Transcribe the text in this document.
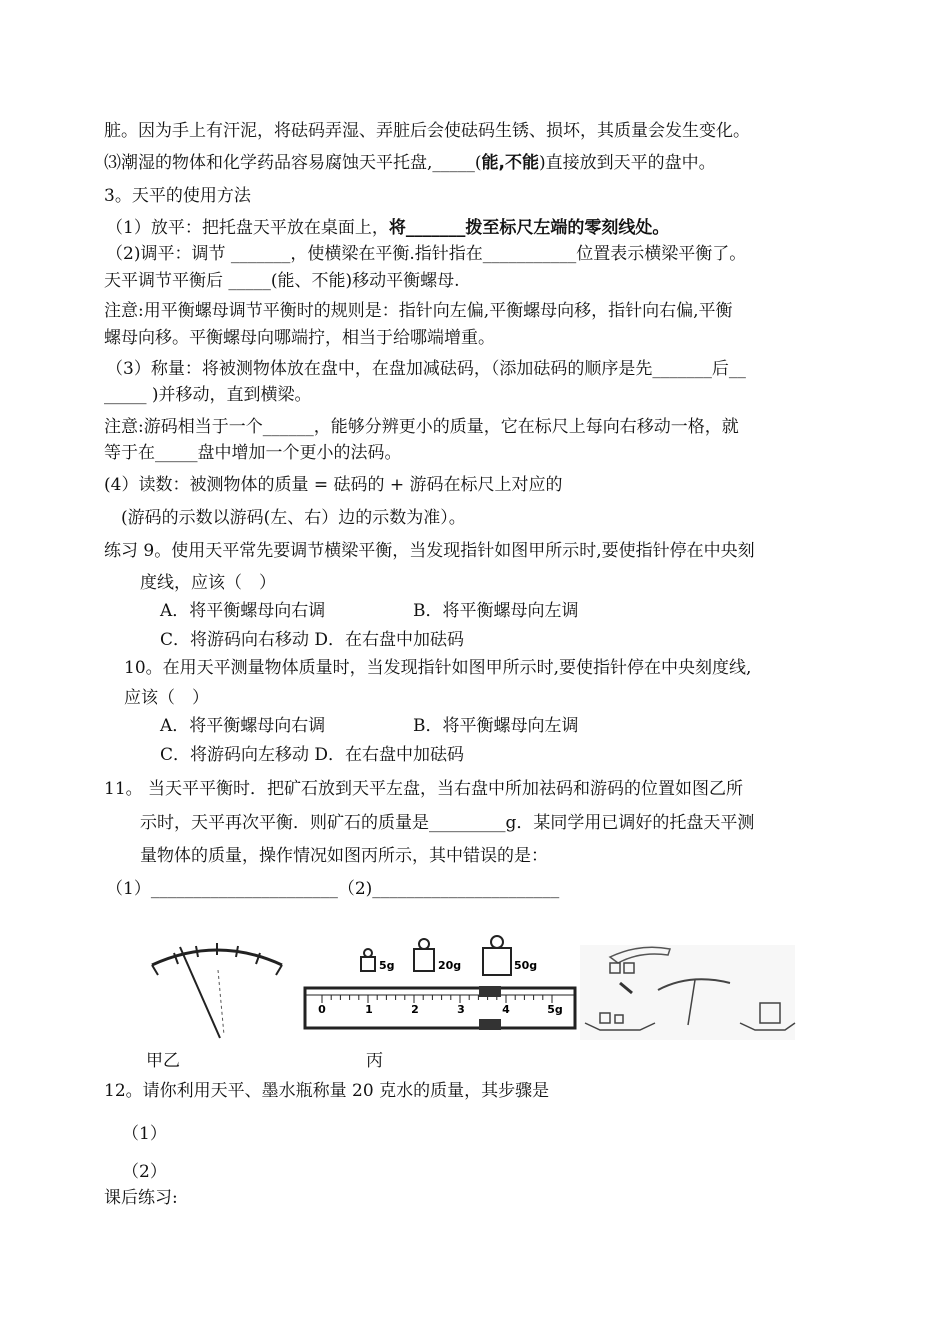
脏。因为手上有汗泥，将砝码弄湿、弄脏后会使砝码生锈、损坏，其质量会发生变化。
⑶潮湿的物体和化学药品容易腐蚀天平托盘,_____(能,不能)直接放到天平的盘中。
3。天平的使用方法
（1）放平：把托盘天平放在桌面上，将_______拨至标尺左端的零刻线处。
（2)调平：调节 _______，使横梁在平衡.指针指在___________位置表示横梁平衡了。
天平调节平衡后 _____(能、不能)移动平衡螺母.
注意:用平衡螺母调节平衡时的规则是：指针向左偏,平衡螺母向移，指针向右偏,平衡
螺母向移。平衡螺母向哪端拧，相当于给哪端增重。
（3）称量：将被测物体放在盘中，在盘加减砝码，（添加砝码的顺序是先_______后__
_____ )并移动，直到横梁。
注意:游码相当于一个______，能够分辨更小的质量，它在标尺上每向右移动一格，就
等于在_____盘中增加一个更小的法码。
(4）读数：被测物体的质量 = 砝码的 + 游码在标尺上对应的
(游码的示数以游码(左、右）边的示数为准）。
练习 9。使用天平常先要调节横梁平衡，当发现指针如图甲所示时,要使指针停在中央刻
度线，应该（　）
A．将平衡螺母向右调	B．将平衡螺母向左调
C．将游码向右移动 D．在右盘中加砝码
10。在用天平测量物体质量时，当发现指针如图甲所示时,要使指针停在中央刻度线,
应该（　）
A．将平衡螺母向右调	B．将平衡螺母向左调
C．将游码向左移动 D．在右盘中加砝码
11。 当天平平衡时．把矿石放到天平左盘，当右盘中所加祛码和游码的位置如图乙所
示时，天平再次平衡．则矿石的质量是_________g．某同学用已调好的托盘天平测
量物体的质量，操作情况如图丙所示，其中错误的是：
（1）______________________（2)______________________
5g	20g	50g
0	1	2	3	4	5g
甲乙	丙
12。请你利用天平、墨水瓶称量 20 克水的质量，其步骤是
（1）
（2）
课后练习:
